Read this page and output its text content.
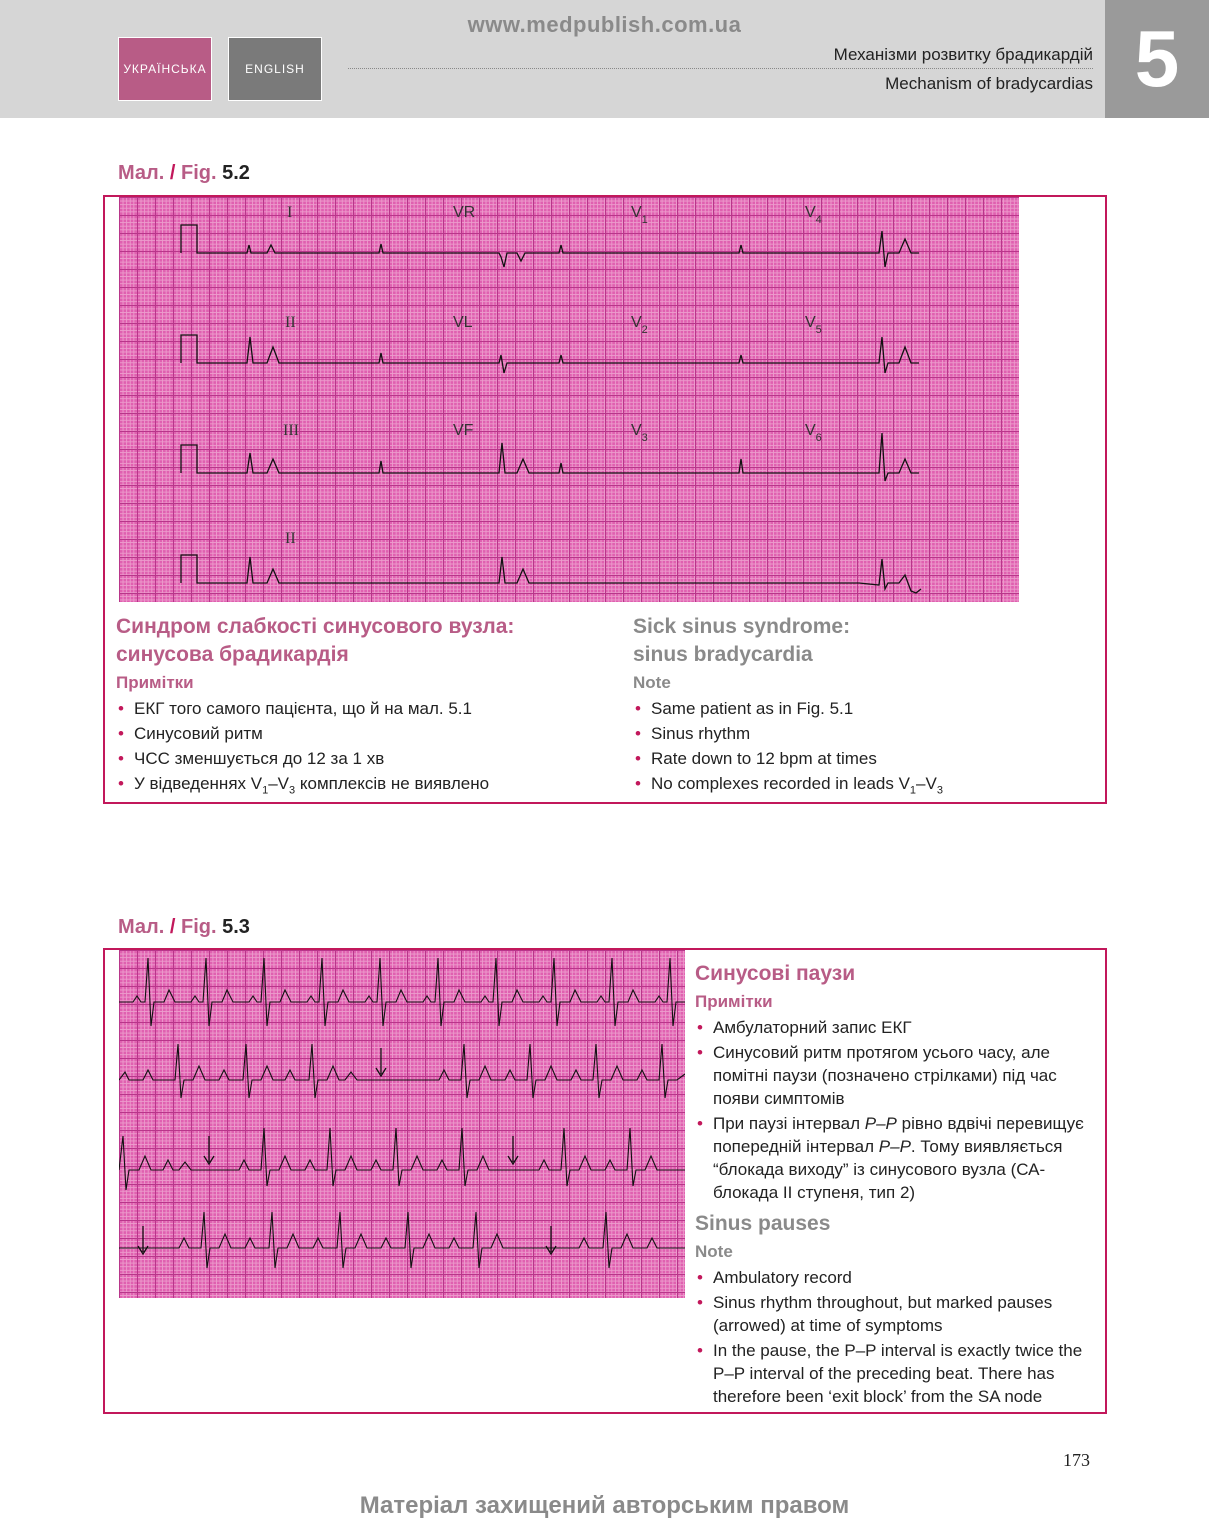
www.medpublish.com.ua
УКРАЇНСЬКА	ENGLISH
Механізми розвитку брадикардій
Mechanism of bradycardias 5
Мал. / Fig. 5.2
I	VR	$V_1$	$V_4$
II	VL	$V_2$	$V_5$
III	VF	$V_3$	$V_6$
II
Синдром слабкості синусового вузла:
синусова брадикардія
Примітки
• ЕКГ того самого пацієнта, що й на мал. 5.1
• Синусовий ритм
• ЧСС зменшується до 12 за 1 хв
• У відведеннях $V_1-V_3$ комплексів не виявлено
Sick sinus syndrome:
sinus bradycardia
Note
• Same patient as in Fig. 5.1
• Sinus rhythm
• Rate down to 12 bpm at times
• No complexes recorded in leads $V_1-V_3$
Мал. / Fig. 5.3
Синусові паузи
Примітки
• Амбулаторний запис ЕКГ
• Синусовий ритм протягом усього часу, але помітні паузи (позначено стрілками) під час появи симптомів
• При паузі інтервал P–P рівно вдвічі перевищує попередній інтервал P–P. Тому виявляється “блокада виходу” із синусового вузла (СА-блокада II ступеня, тип 2)
Sinus pauses
Note
• Ambulatory record
• Sinus rhythm throughout, but marked pauses (arrowed) at time of symptoms
• In the pause, the P–P interval is exactly twice the P–P interval of the preceding beat. There has therefore been ‘exit block’ from the SA node
173
Матеріал захищений авторським правом
